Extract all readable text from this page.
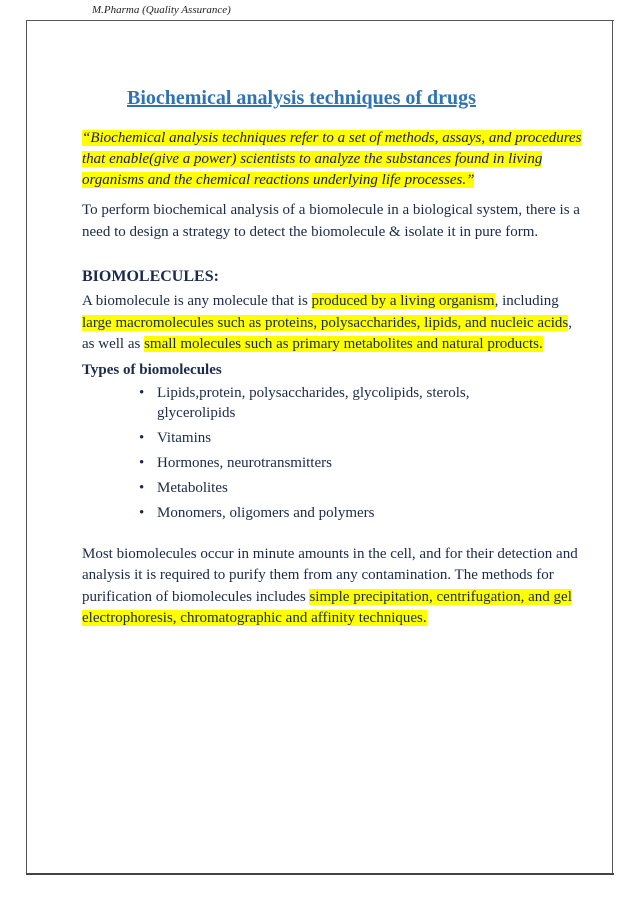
M.Pharma (Quality Assurance)
Biochemical analysis techniques of drugs

“Biochemical analysis techniques refer to a set of methods, assays, and procedures that enable(give a power) scientists to analyze the substances found in living organisms and the chemical reactions underlying life processes.”

To perform biochemical analysis of a biomolecule in a biological system, there is a need to design a strategy to detect the biomolecule & isolate it in pure form.

BIOMOLECULES:

A biomolecule is any molecule that is produced by a living organism, including large macromolecules such as proteins, polysaccharides, lipids, and nucleic acids, as well as small molecules such as primary metabolites and natural products.

Types of biomolecules
• Lipids,protein, polysaccharides, glycolipids, sterols, glycerolipids
• Vitamins
• Hormones, neurotransmitters
• Metabolites
• Monomers, oligomers and polymers

Most biomolecules occur in minute amounts in the cell, and for their detection and analysis it is required to purify them from any contamination. The methods for purification of biomolecules includes simple precipitation, centrifugation, and gel electrophoresis, chromatographic and affinity techniques.
